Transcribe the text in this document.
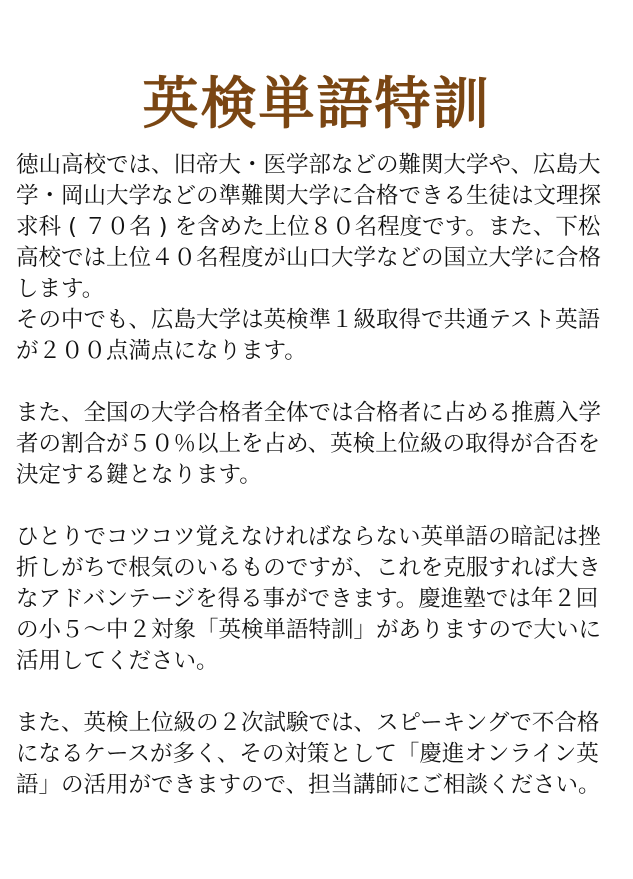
英検単語特訓

徳山高校では、旧帝大・医学部などの難関大学や、広島大学・岡山大学などの準難関大学に合格できる生徒は文理探求科 ( ７０名 ) を含めた上位８０名程度です。また、下松高校では上位４０名程度が山口大学などの国立大学に合格します。

その中でも、広島大学は英検準１級取得で共通テスト英語が２００点満点になります。

また、全国の大学合格者全体では合格者に占める推薦入学者の割合が５０％以上を占め、英検上位級の取得が合否を決定する鍵となります。

ひとりでコツコツ覚えなければならない英単語の暗記は挫折しがちで根気のいるものですが、これを克服すれば大きなアドバンテージを得る事ができます。慶進塾では年２回の小５～中２対象「英検単語特訓」がありますので大いに活用してください。

また、英検上位級の２次試験では、スピーキングで不合格になるケースが多く、その対策として「慶進オンライン英語」の活用ができますので、担当講師にご相談ください。
